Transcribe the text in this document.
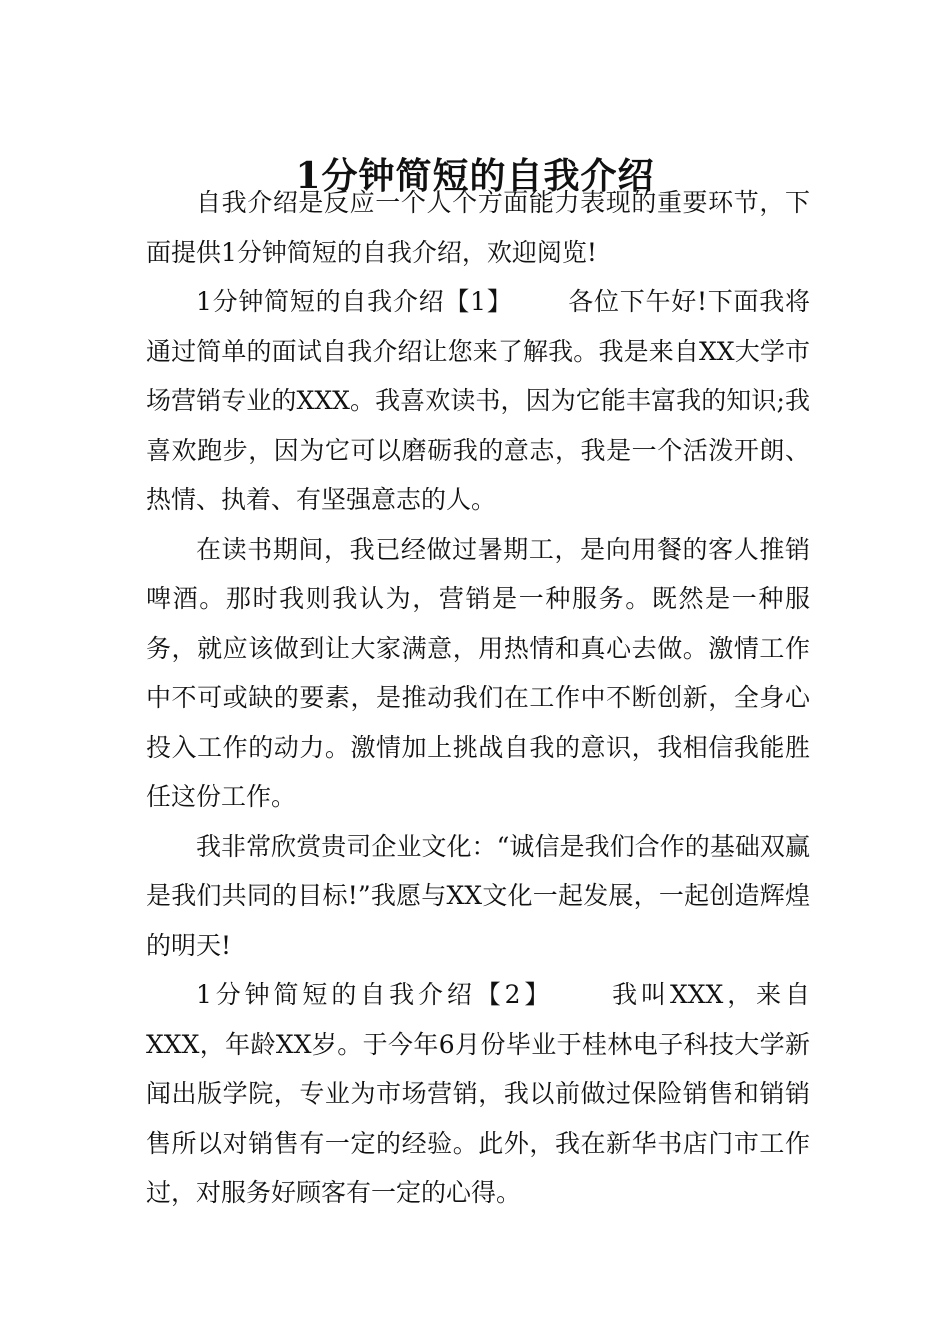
1分钟简短的自我介绍

自我介绍是反应一个人个方面能力表现的重要环节，下面提供1分钟简短的自我介绍，欢迎阅览!

1分钟简短的自我介绍【1】 各位下午好!下面我将通过简单的面试自我介绍让您来了解我。我是来自XX大学市场营销专业的XXX。我喜欢读书，因为它能丰富我的知识;我喜欢跑步，因为它可以磨砺我的意志，我是一个活泼开朗、热情、执着、有坚强意志的人。

在读书期间，我已经做过暑期工，是向用餐的客人推销啤酒。那时我则我认为，营销是一种服务。既然是一种服务，就应该做到让大家满意，用热情和真心去做。激情工作中不可或缺的要素，是推动我们在工作中不断创新，全身心投入工作的动力。激情加上挑战自我的意识，我相信我能胜任这份工作。

我非常欣赏贵司企业文化：“诚信是我们合作的基础双赢是我们共同的目标!”我愿与XX文化一起发展，一起创造辉煌的明天!

1分钟简短的自我介绍【2】 我叫XXX，来自XXX，年龄XX岁。于今年6月份毕业于桂林电子科技大学新闻出版学院，专业为市场营销，我以前做过保险销售和销销售所以对销售有一定的经验。此外，我在新华书店门市工作过，对服务好顾客有一定的心得。
